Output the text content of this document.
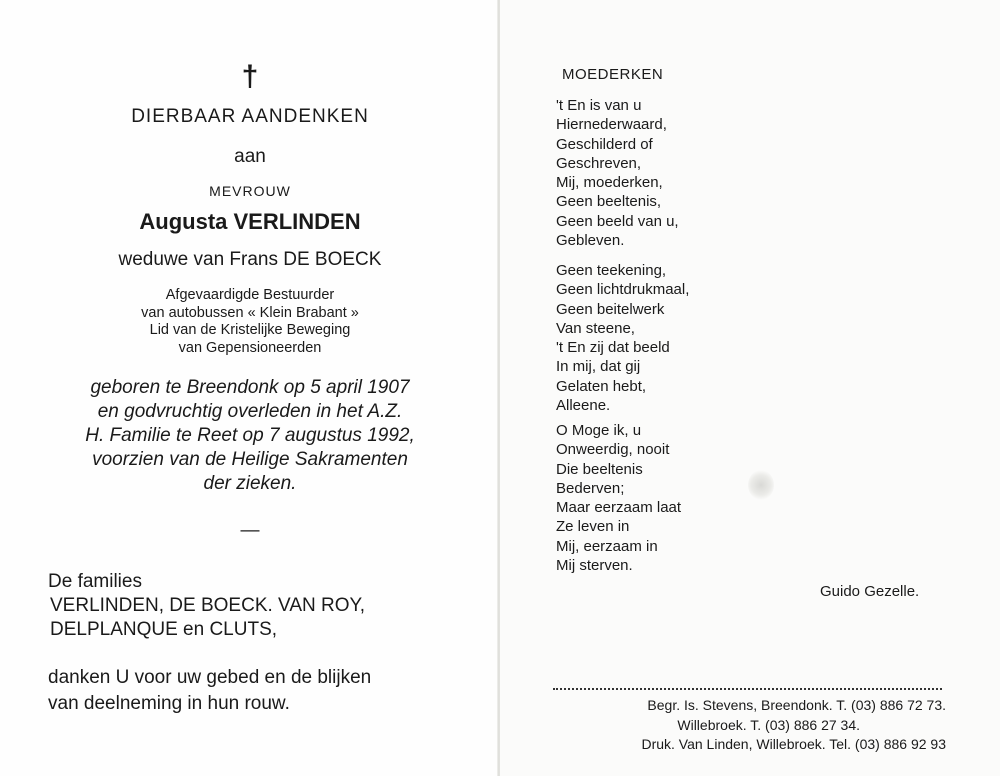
†
DIERBAAR AANDENKEN
aan
MEVROUW
Augusta VERLINDEN
weduwe van Frans DE BOECK
Afgevaardigde Bestuurder
van autobussen « Klein Brabant »
Lid van de Kristelijke Beweging
van Gepensioneerden
geboren te Breendonk op 5 april 1907
en godvruchtig overleden in het A.Z.
H. Familie te Reet op 7 augustus 1992,
voorzien van de Heilige Sakramenten
der zieken.
—
De families
VERLINDEN, DE BOECK. VAN ROY,
DELPLANQUE en CLUTS,
danken U voor uw gebed en de blijken
van deelneming in hun rouw.
MOEDERKEN
't En is van u
Hiernederwaard,
Geschilderd of
Geschreven,
Mij, moederken,
Geen beeltenis,
Geen beeld van u,
Gebleven.
Geen teekening,
Geen lichtdrukmaal,
Geen beitelwerk
Van steene,
't En zij dat beeld
In mij, dat gij
Gelaten hebt,
Alleene.
O Moge ik, u
Onweerdig, nooit
Die beeltenis
Bederven;
Maar eerzaam laat
Ze leven in
Mij, eerzaam in
Mij sterven.
Guido Gezelle.
Begr. Is. Stevens, Breendonk. T. (03) 886 72 73.
Willebroek. T. (03) 886 27 34.
Druk. Van Linden, Willebroek. Tel. (03) 886 92 93
